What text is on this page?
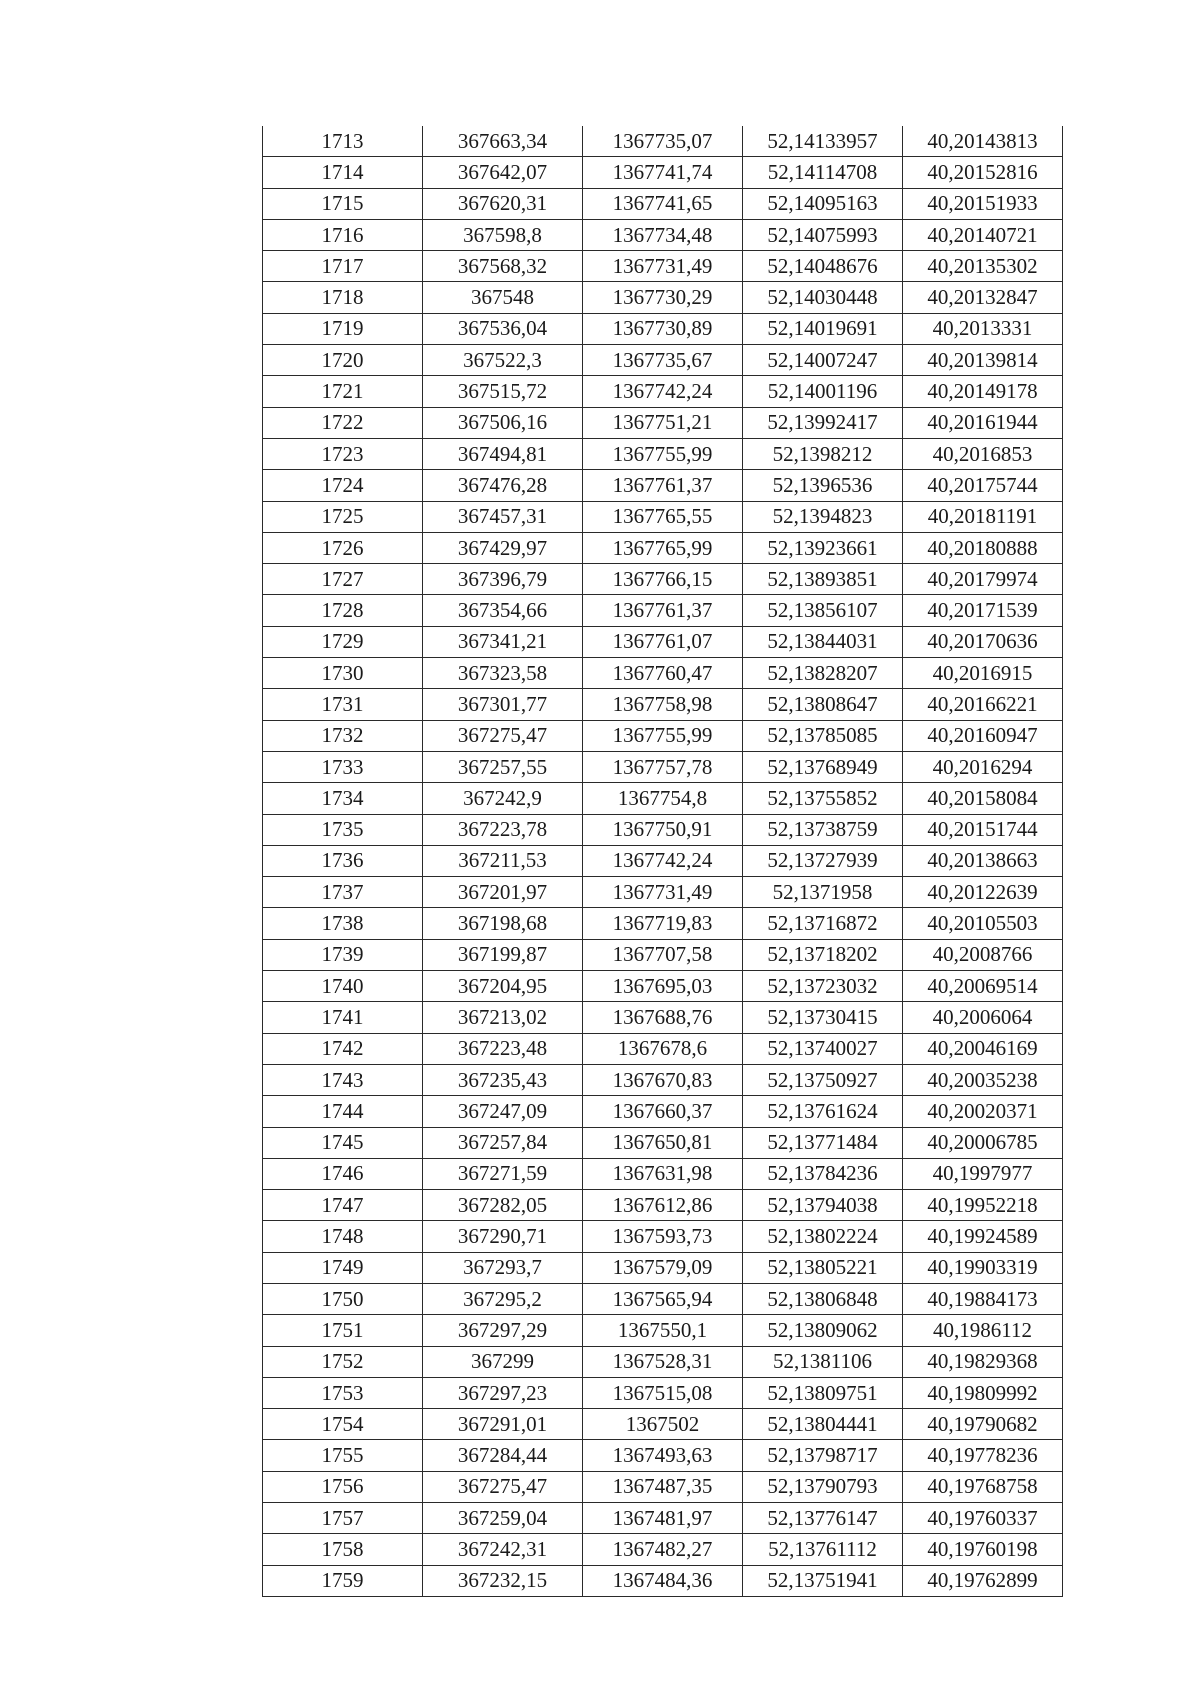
1713	367663,34	1367735,07	52,14133957	40,20143813
1714	367642,07	1367741,74	52,14114708	40,20152816
1715	367620,31	1367741,65	52,14095163	40,20151933
1716	367598,8	1367734,48	52,14075993	40,20140721
1717	367568,32	1367731,49	52,14048676	40,20135302
1718	367548	1367730,29	52,14030448	40,20132847
1719	367536,04	1367730,89	52,14019691	40,2013331
1720	367522,3	1367735,67	52,14007247	40,20139814
1721	367515,72	1367742,24	52,14001196	40,20149178
1722	367506,16	1367751,21	52,13992417	40,20161944
1723	367494,81	1367755,99	52,1398212	40,2016853
1724	367476,28	1367761,37	52,1396536	40,20175744
1725	367457,31	1367765,55	52,1394823	40,20181191
1726	367429,97	1367765,99	52,13923661	40,20180888
1727	367396,79	1367766,15	52,13893851	40,20179974
1728	367354,66	1367761,37	52,13856107	40,20171539
1729	367341,21	1367761,07	52,13844031	40,20170636
1730	367323,58	1367760,47	52,13828207	40,2016915
1731	367301,77	1367758,98	52,13808647	40,20166221
1732	367275,47	1367755,99	52,13785085	40,20160947
1733	367257,55	1367757,78	52,13768949	40,2016294
1734	367242,9	1367754,8	52,13755852	40,20158084
1735	367223,78	1367750,91	52,13738759	40,20151744
1736	367211,53	1367742,24	52,13727939	40,20138663
1737	367201,97	1367731,49	52,1371958	40,20122639
1738	367198,68	1367719,83	52,13716872	40,20105503
1739	367199,87	1367707,58	52,13718202	40,2008766
1740	367204,95	1367695,03	52,13723032	40,20069514
1741	367213,02	1367688,76	52,13730415	40,2006064
1742	367223,48	1367678,6	52,13740027	40,20046169
1743	367235,43	1367670,83	52,13750927	40,20035238
1744	367247,09	1367660,37	52,13761624	40,20020371
1745	367257,84	1367650,81	52,13771484	40,20006785
1746	367271,59	1367631,98	52,13784236	40,1997977
1747	367282,05	1367612,86	52,13794038	40,19952218
1748	367290,71	1367593,73	52,13802224	40,19924589
1749	367293,7	1367579,09	52,13805221	40,19903319
1750	367295,2	1367565,94	52,13806848	40,19884173
1751	367297,29	1367550,1	52,13809062	40,1986112
1752	367299	1367528,31	52,1381106	40,19829368
1753	367297,23	1367515,08	52,13809751	40,19809992
1754	367291,01	1367502	52,13804441	40,19790682
1755	367284,44	1367493,63	52,13798717	40,19778236
1756	367275,47	1367487,35	52,13790793	40,19768758
1757	367259,04	1367481,97	52,13776147	40,19760337
1758	367242,31	1367482,27	52,13761112	40,19760198
1759	367232,15	1367484,36	52,13751941	40,19762899
